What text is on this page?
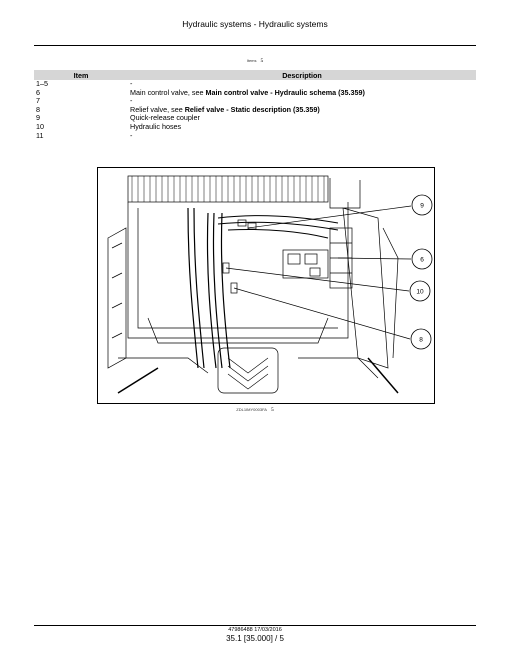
Hydraulic systems - Hydraulic systems
Items 5
Item	Description
1–5	-
6	Main control valve, see Main control valve - Hydraulic schema (35.359)
7	-
8	Relief valve, see Relief valve - Static description (35.359)
9	Quick-release coupler
10	Hydraulic hoses
11	-
9
6
10
8
ZDL1IMY0003FA 5
47986488 17/03/2016
35.1 [35.000] / 5
